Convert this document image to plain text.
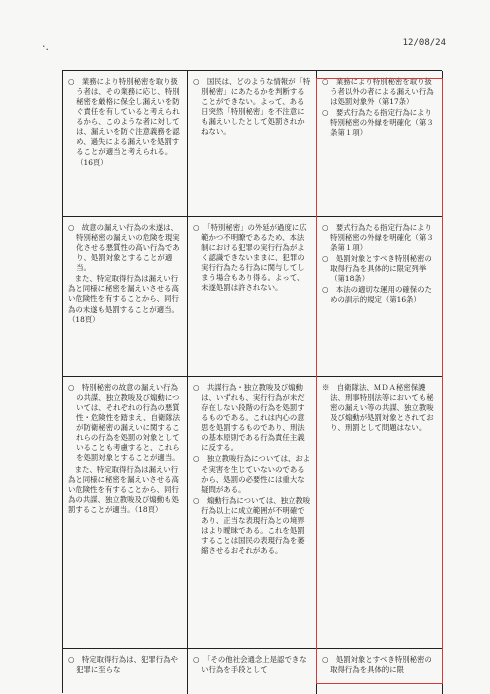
·.	12/08/24

○　業務により特別秘密を取り扱う者は、その業務に応じ、特別秘密を厳格に保全し漏えいを防ぐ責任を有していると考えられるから、このような者に対しては、漏えいを防ぐ注意義務を認め、過失による漏えいを処罰することが適当と考えられる。（16頁）

○　国民は、どのような情報が「特別秘密」にあたるかを判断することができない。よって、ある日突然「特別秘密」を不注意にも漏えいしたとして処罰されかねない。

○　業務により特別秘密を取り扱う者以外の者による漏えい行為は処罰対象外（第17条）

○　要式行為たる指定行為により特別秘密の外縁を明確化（第３条第１項）

○　故意の漏えい行為の未遂は、特別秘密の漏えいの危険を現実化させる悪質性の高い行為であり、処罰対象とすることが適当。

また、特定取得行為は漏えい行為と同様に秘密を漏えいさせる高い危険性を有することから、同行為の未遂も処罰することが適当。（18頁）

○　「特別秘密」の外延が過度に広範かつ不明瞭であるため、本法制における犯罪の実行行為がよく認識できないままに、犯罪の実行行為たる行為に関与してしまう場合もあり得る。よって、未遂処罰は許されない。

○　要式行為たる指定行為により特別秘密の外縁を明確化（第３条第１項）

○　処罰対象とすべき特別秘密の取得行為を具体的に限定列挙（第18条）

○　本法の適切な運用の確保のための訓示的規定（第16条）

○　特別秘密の故意の漏えい行為の共謀、独立教唆及び煽動については、それぞれの行為の悪質性・危険性を踏まえ、自衛隊法が防衛秘密の漏えいに関するこれらの行為を処罰の対象としていることも考慮すると、これらを処罰対象とすることが適当。

また、特定取得行為は漏えい行為と同様に秘密を漏えいさせる高い危険性を有することから、同行為の共謀、独立教唆及び煽動も処罰することが適当。（18頁）

○　共謀行為・独立教唆及び煽動は、いずれも、実行行為が未だ存在しない段階の行為を処罰するものである。これは内心の意思を処罰するものであり、刑法の基本原則である行為責任主義に反する。

○　独立教唆行為については、およそ実害を生じていないのであるから、処罰の必要性には重大な疑問がある。

○　煽動行為については、独立教唆行為以上に成立範囲が不明確であり、正当な表現行為との境界はより曖昧である。これを処罰することは国民の表現行為を萎縮させるおそれがある。

※　自衛隊法、ＭＤＡ秘密保護法、刑事特別法等においても秘密の漏えい等の共謀、独立教唆及び煽動が処罰対象とされており、刑罰として問題はない。

○　特定取得行為は、犯罪行為や犯罪に至らな

○　「その他社会通念上是認できない行為を手段として

○　処罰対象とすべき特別秘密の取得行為を具体的に限
